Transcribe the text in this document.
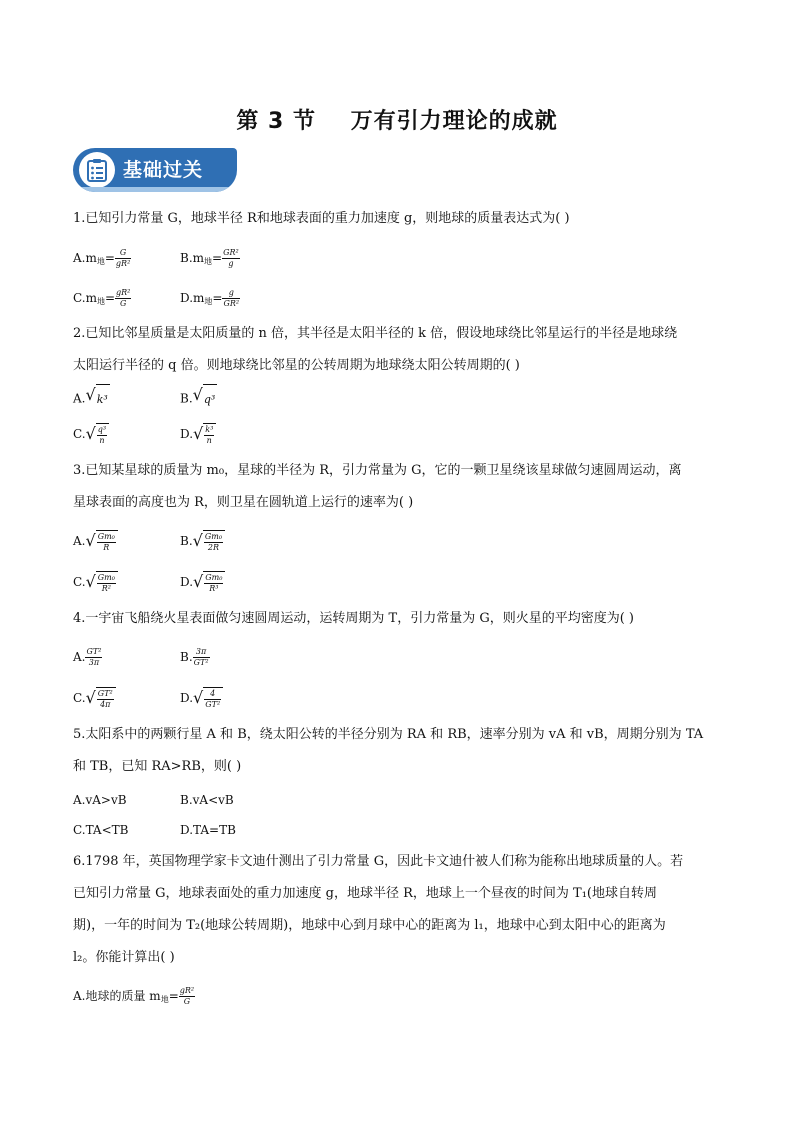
第 3 节    万有引力理论的成就
基础过关
1.已知引力常量 G，地球半径 R和地球表面的重力加速度 g，则地球的质量表达式为( )
$A.m_地= \frac{G}{\text{gR²}}$	$B.m_地= \frac{\text{GR²}}{g}$
$C.m_地= \frac{\text{gR²}}{G}$	$D.m_地= \frac{g}{\text{GR²}}$
2.已知比邻星质量是太阳质量的 n 倍，其半径是太阳半径的 k 倍，假设地球绕比邻星运行的半径是地球绕
太阳运行半径的 q 倍。则地球绕比邻星的公转周期为地球绕太阳公转周期的( )
A. √ k³	B. √ q³
C. √ $\frac{\text{q³}}{n}$	D. √ $\frac{\text{k³}}{n}$
3.已知某星球的质量为 m₀，星球的半径为 R，引力常量为 G，它的一颗卫星绕该星球做匀速圆周运动，离
星球表面的高度也为 R，则卫星在圆轨道上运行的速率为( )
A. √ $\frac{\text{Gm₀}}{R}$	B. √ $\frac{\text{Gm₀}}{2R}$
C. √ $\frac{\text{Gm₀}}{\text{R²}}$	D. √ $\frac{\text{Gm₀}}{\text{R³}}$
4.一宇宙飞船绕火星表面做匀速圆周运动，运转周期为 T，引力常量为 G，则火星的平均密度为( )
A. $\frac{\text{GT²}}{3\pi}$	B. $\frac{3\pi}{\text{GT²}}$
C. √ $\frac{\text{GT²}}{4\pi}$	D. √ $\frac{4}{\text{GT²}}$
5.太阳系中的两颗行星 A 和 B，绕太阳公转的半径分别为 RA 和 RB，速率分别为 vA 和 vB，周期分别为 TA
和 TB，已知 RA>RB，则( )
A.vA>vB	B.vA<vB
C.TA<TB	D.TA=TB
6.1798 年，英国物理学家卡文迪什测出了引力常量 G，因此卡文迪什被人们称为能称出地球质量的人。若
已知引力常量 G，地球表面处的重力加速度 g，地球半径 R，地球上一个昼夜的时间为 T₁(地球自转周
期)，一年的时间为 T₂(地球公转周期)，地球中心到月球中心的距离为 l₁，地球中心到太阳中心的距离为
l₂。你能计算出( )
A.地球的质量 $m_地= \frac{\text{gR²}}{G}$
